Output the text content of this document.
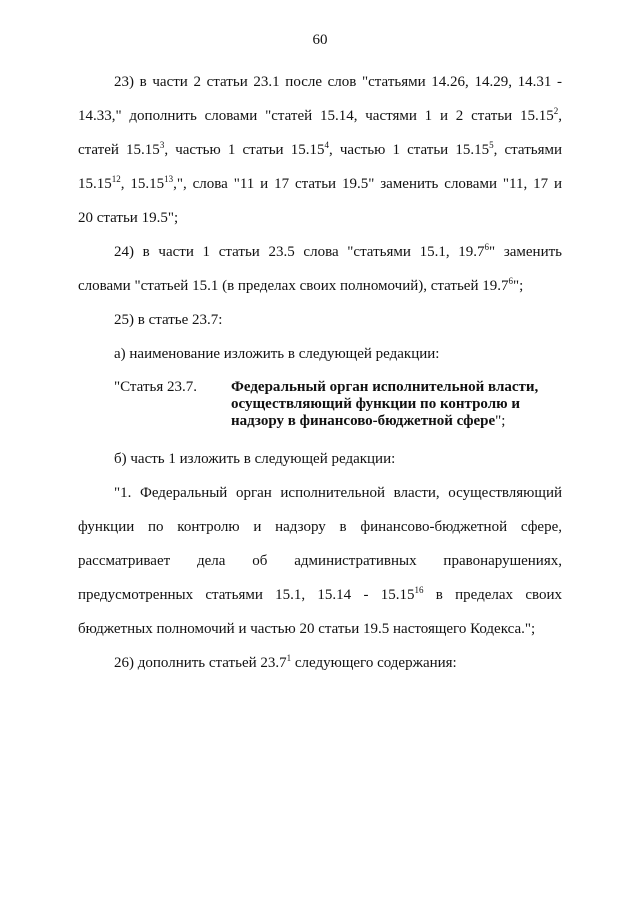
60

23) в части 2 статьи 23.1 после слов "статьями 14.26, 14.29, 14.31 -

14.33," дополнить словами "статей 15.14, частями 1 и 2 статьи 15.15$^2$,

статей 15.15$^3$, частью 1 статьи 15.15$^4$, частью 1 статьи 15.15$^5$, статьями

15.15$^{12}$, 15.15$^{13}$,", слова "11 и 17 статьи 19.5" заменить словами "11, 17 и

20 статьи 19.5";

24) в части 1 статьи 23.5 слова "статьями 15.1, 19.7$^6$" заменить

словами "статьей 15.1 (в пределах своих полномочий), статьей 19.7$^6$";

25) в статье 23.7:

а) наименование изложить в следующей редакции:

"Статья 23.7.	Федеральный орган исполнительной власти, осуществляющий функции по контролю и надзору в финансово-бюджетной сфере";

б) часть 1 изложить в следующей редакции:

"1. Федеральный орган исполнительной власти, осуществляющий

функции по контролю и надзору в финансово-бюджетной сфере,

рассматривает дела об административных правонарушениях,

предусмотренных статьями 15.1, 15.14 - 15.15$^{16}$ в пределах своих

бюджетных полномочий и частью 20 статьи 19.5 настоящего Кодекса.";

26) дополнить статьей 23.7$^1$ следующего содержания:
